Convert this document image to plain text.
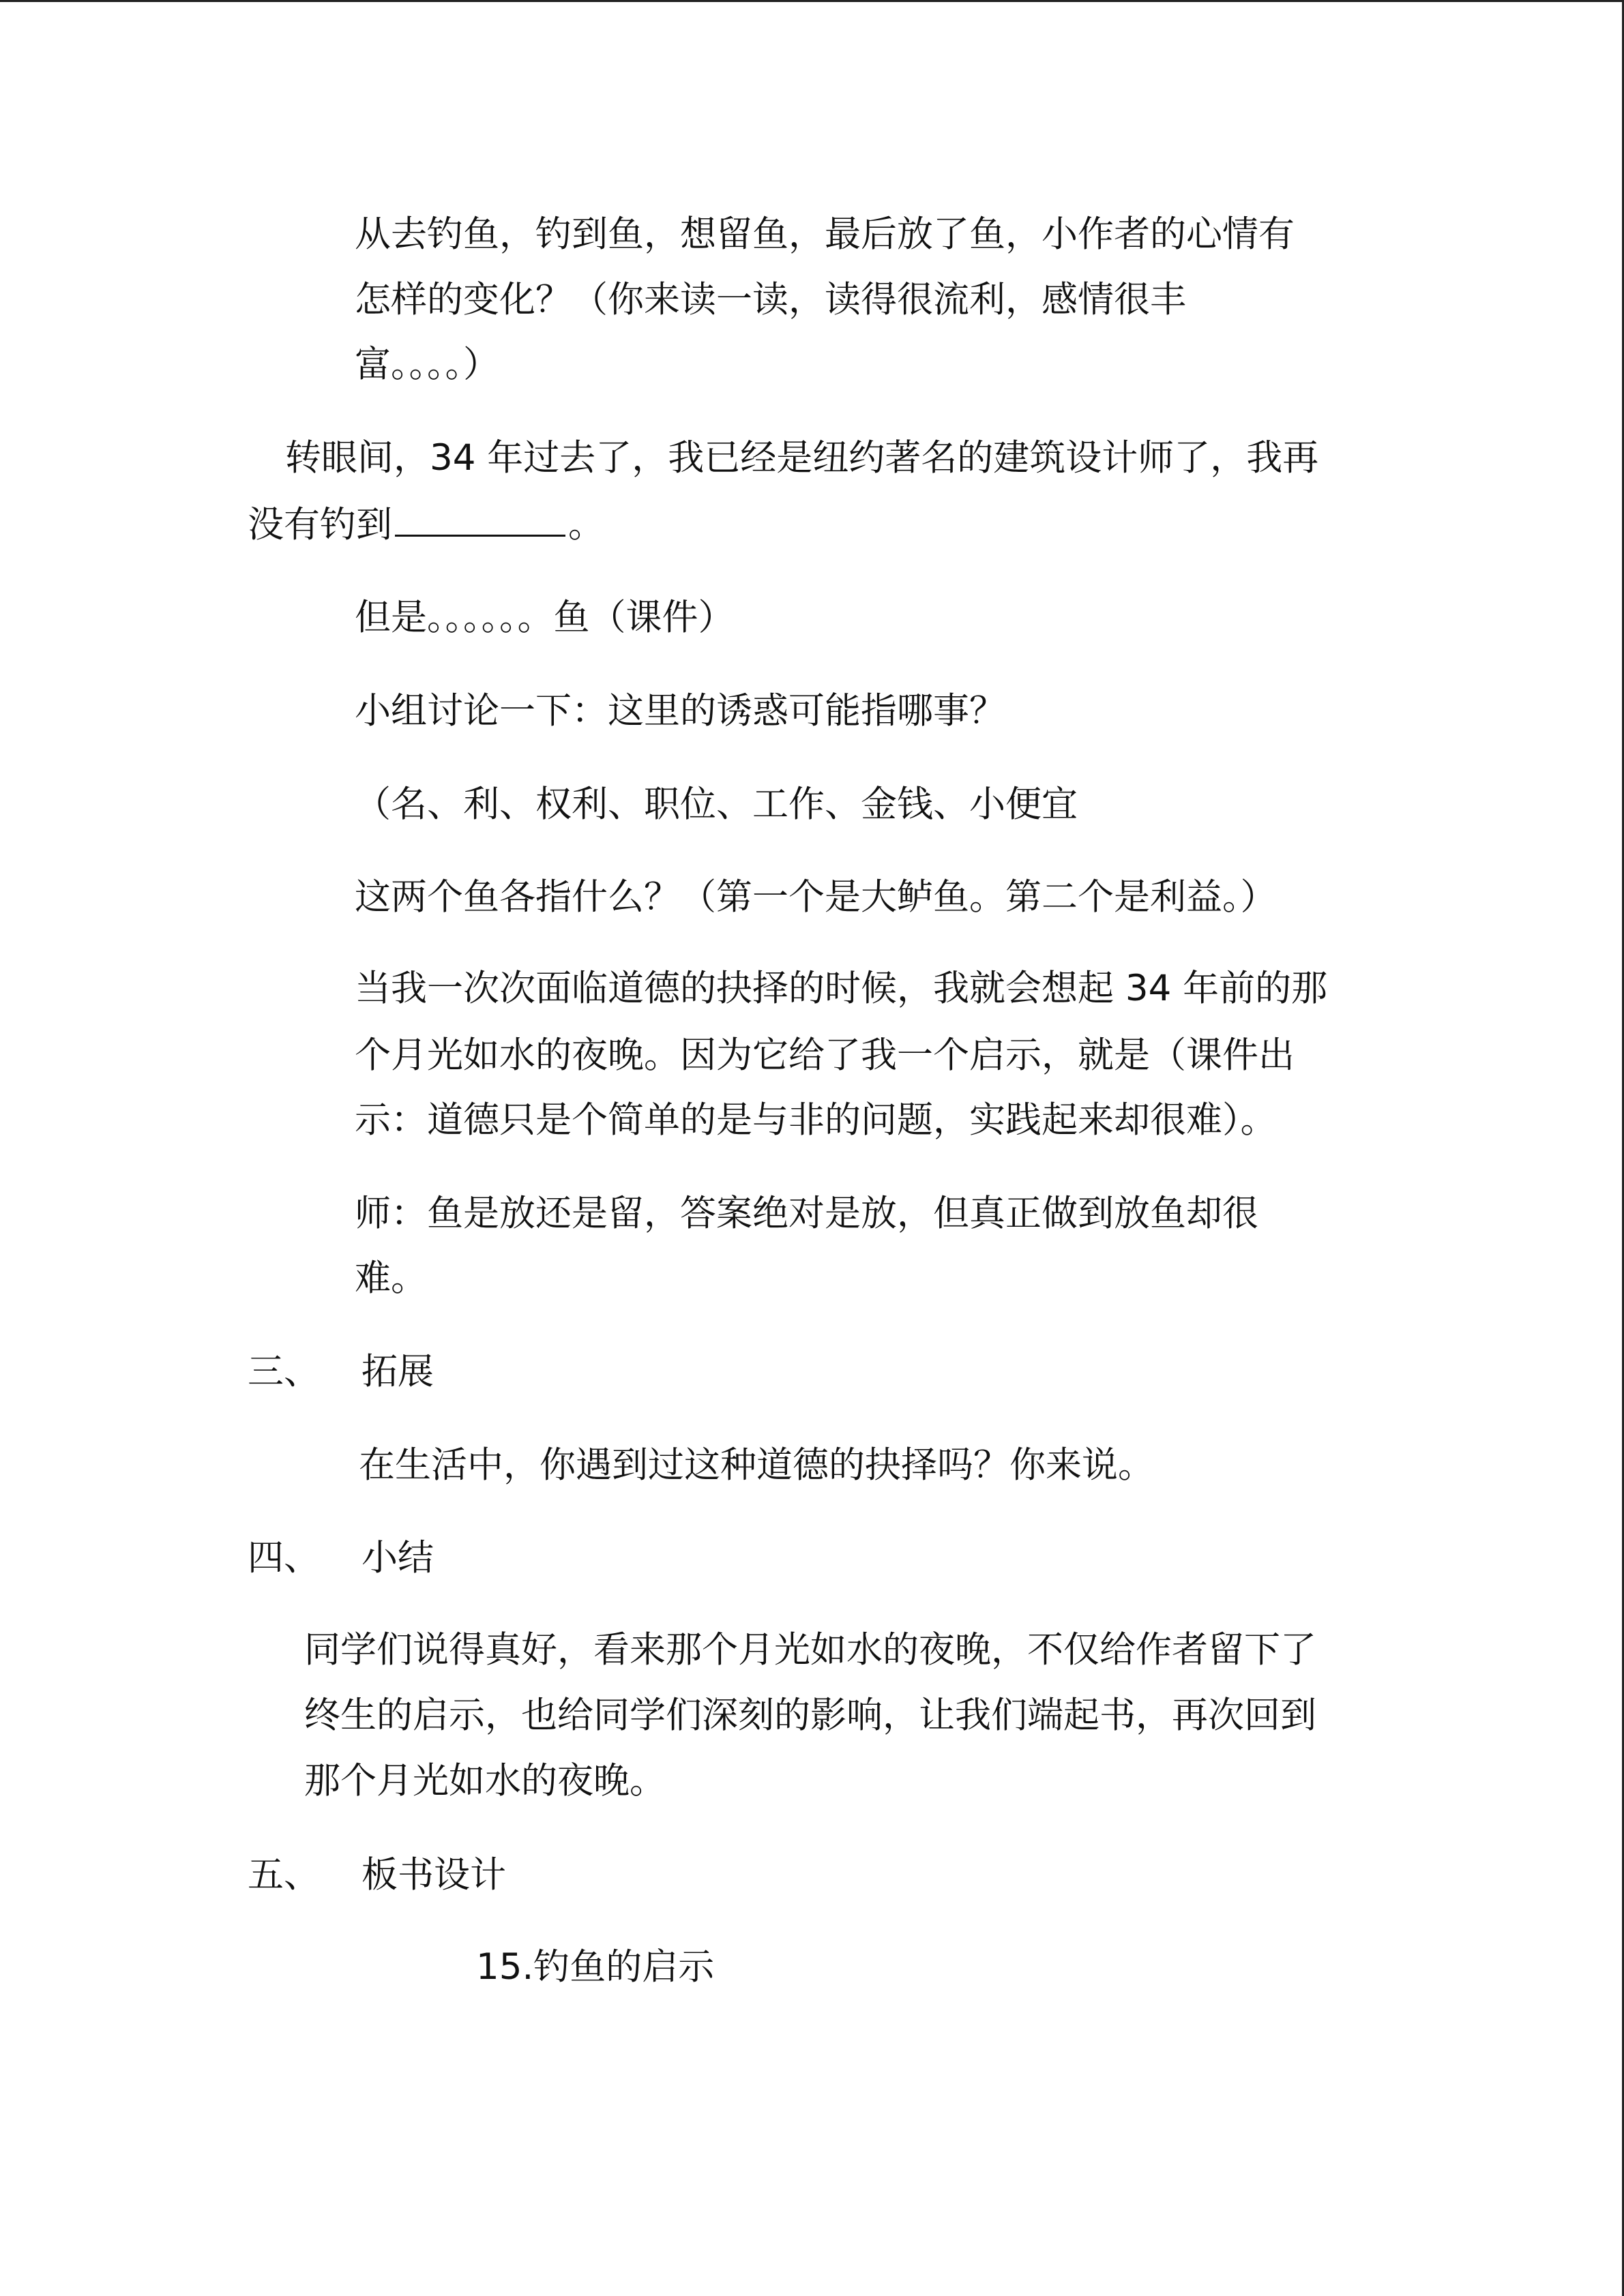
从去钓鱼，钓到鱼，想留鱼，最后放了鱼，小作者的心情有
怎样的变化？（你来读一读，读得很流利，感情很丰
富。。。。）
转眼间，34 年过去了，我已经是纽约著名的建筑设计师了，我再
没有钓到	。
但是。。。。。。鱼（课件）
小组讨论一下：这里的诱惑可能指哪事？
（名、利、权利、职位、工作、金钱、小便宜
这两个鱼各指什么？（第一个是大鲈鱼。第二个是利益。）
当我一次次面临道德的抉择的时候，我就会想起 34 年前的那
个月光如水的夜晚。因为它给了我一个启示，就是（课件出
示：道德只是个简单的是与非的问题，实践起来却很难）。
师：鱼是放还是留，答案绝对是放，但真正做到放鱼却很
难。
三、 拓展
在生活中，你遇到过这种道德的抉择吗？你来说。
四、 小结
同学们说得真好，看来那个月光如水的夜晚，不仅给作者留下了
终生的启示，也给同学们深刻的影响，让我们端起书，再次回到
那个月光如水的夜晚。
五、 板书设计
15.钓鱼的启示
